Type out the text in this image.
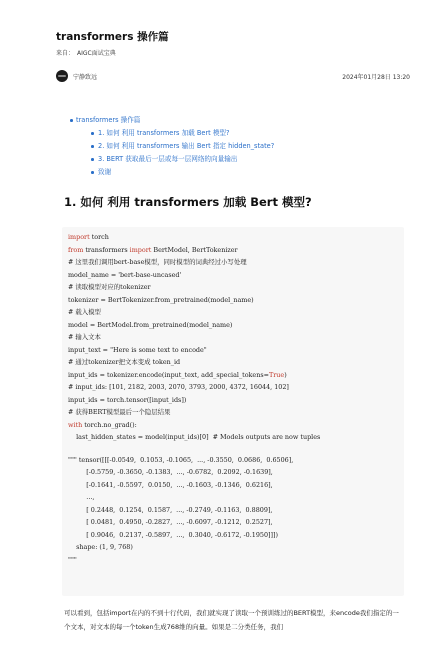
transformers 操作篇
来自： AIGC面试宝典
宁静致远	2024年01月28日 13:20
transformers 操作篇
1. 如何 利用 transformers 加载 Bert 模型?
2. 如何 利用 transformers 输出 Bert 指定 hidden_state?
3. BERT 获取最后一层或每一层网络的向量输出
致谢
1. 如何 利用 transformers 加载 Bert 模型?
import torch
from transformers import BertModel, BertTokenizer
# 这里我们调用bert-base模型，同时模型的词典经过小写处理
model_name = 'bert-base-uncased'
# 读取模型对应的tokenizer
tokenizer = BertTokenizer.from_pretrained(model_name)
# 载入模型
model = BertModel.from_pretrained(model_name)
# 输入文本
input_text = "Here is some text to encode"
# 通过tokenizer把文本变成 token_id
input_ids = tokenizer.encode(input_text, add_special_tokens=True)
# input_ids: [101, 2182, 2003, 2070, 3793, 2000, 4372, 16044, 102]
input_ids = torch.tensor([input_ids])
# 获得BERT模型最后一个隐层结果
with torch.no_grad():
last_hidden_states = model(input_ids)[0]  # Models outputs are now tuples
""" tensor([[[-0.0549,  0.1053, -0.1065,  ..., -0.3550,  0.0686,  0.6506],
[-0.5759, -0.3650, -0.1383,  ..., -0.6782,  0.2092, -0.1639],
[-0.1641, -0.5597,  0.0150,  ..., -0.1603, -0.1346,  0.6216],
...,
[ 0.2448,  0.1254,  0.1587,  ..., -0.2749, -0.1163,  0.8809],
[ 0.0481,  0.4950, -0.2827,  ..., -0.6097, -0.1212,  0.2527],
[ 0.9046,  0.2137, -0.5897,  ...,  0.3040, -0.6172, -0.1950]]])
shape: (1, 9, 768)
"""
可以看到，包括import在内的不到十行代码，我们就实现了读取一个预训练过的BERT模型，来encode我们指定的一个文本，对文本的每一个token生成768维的向量。如果是二分类任务，我们
